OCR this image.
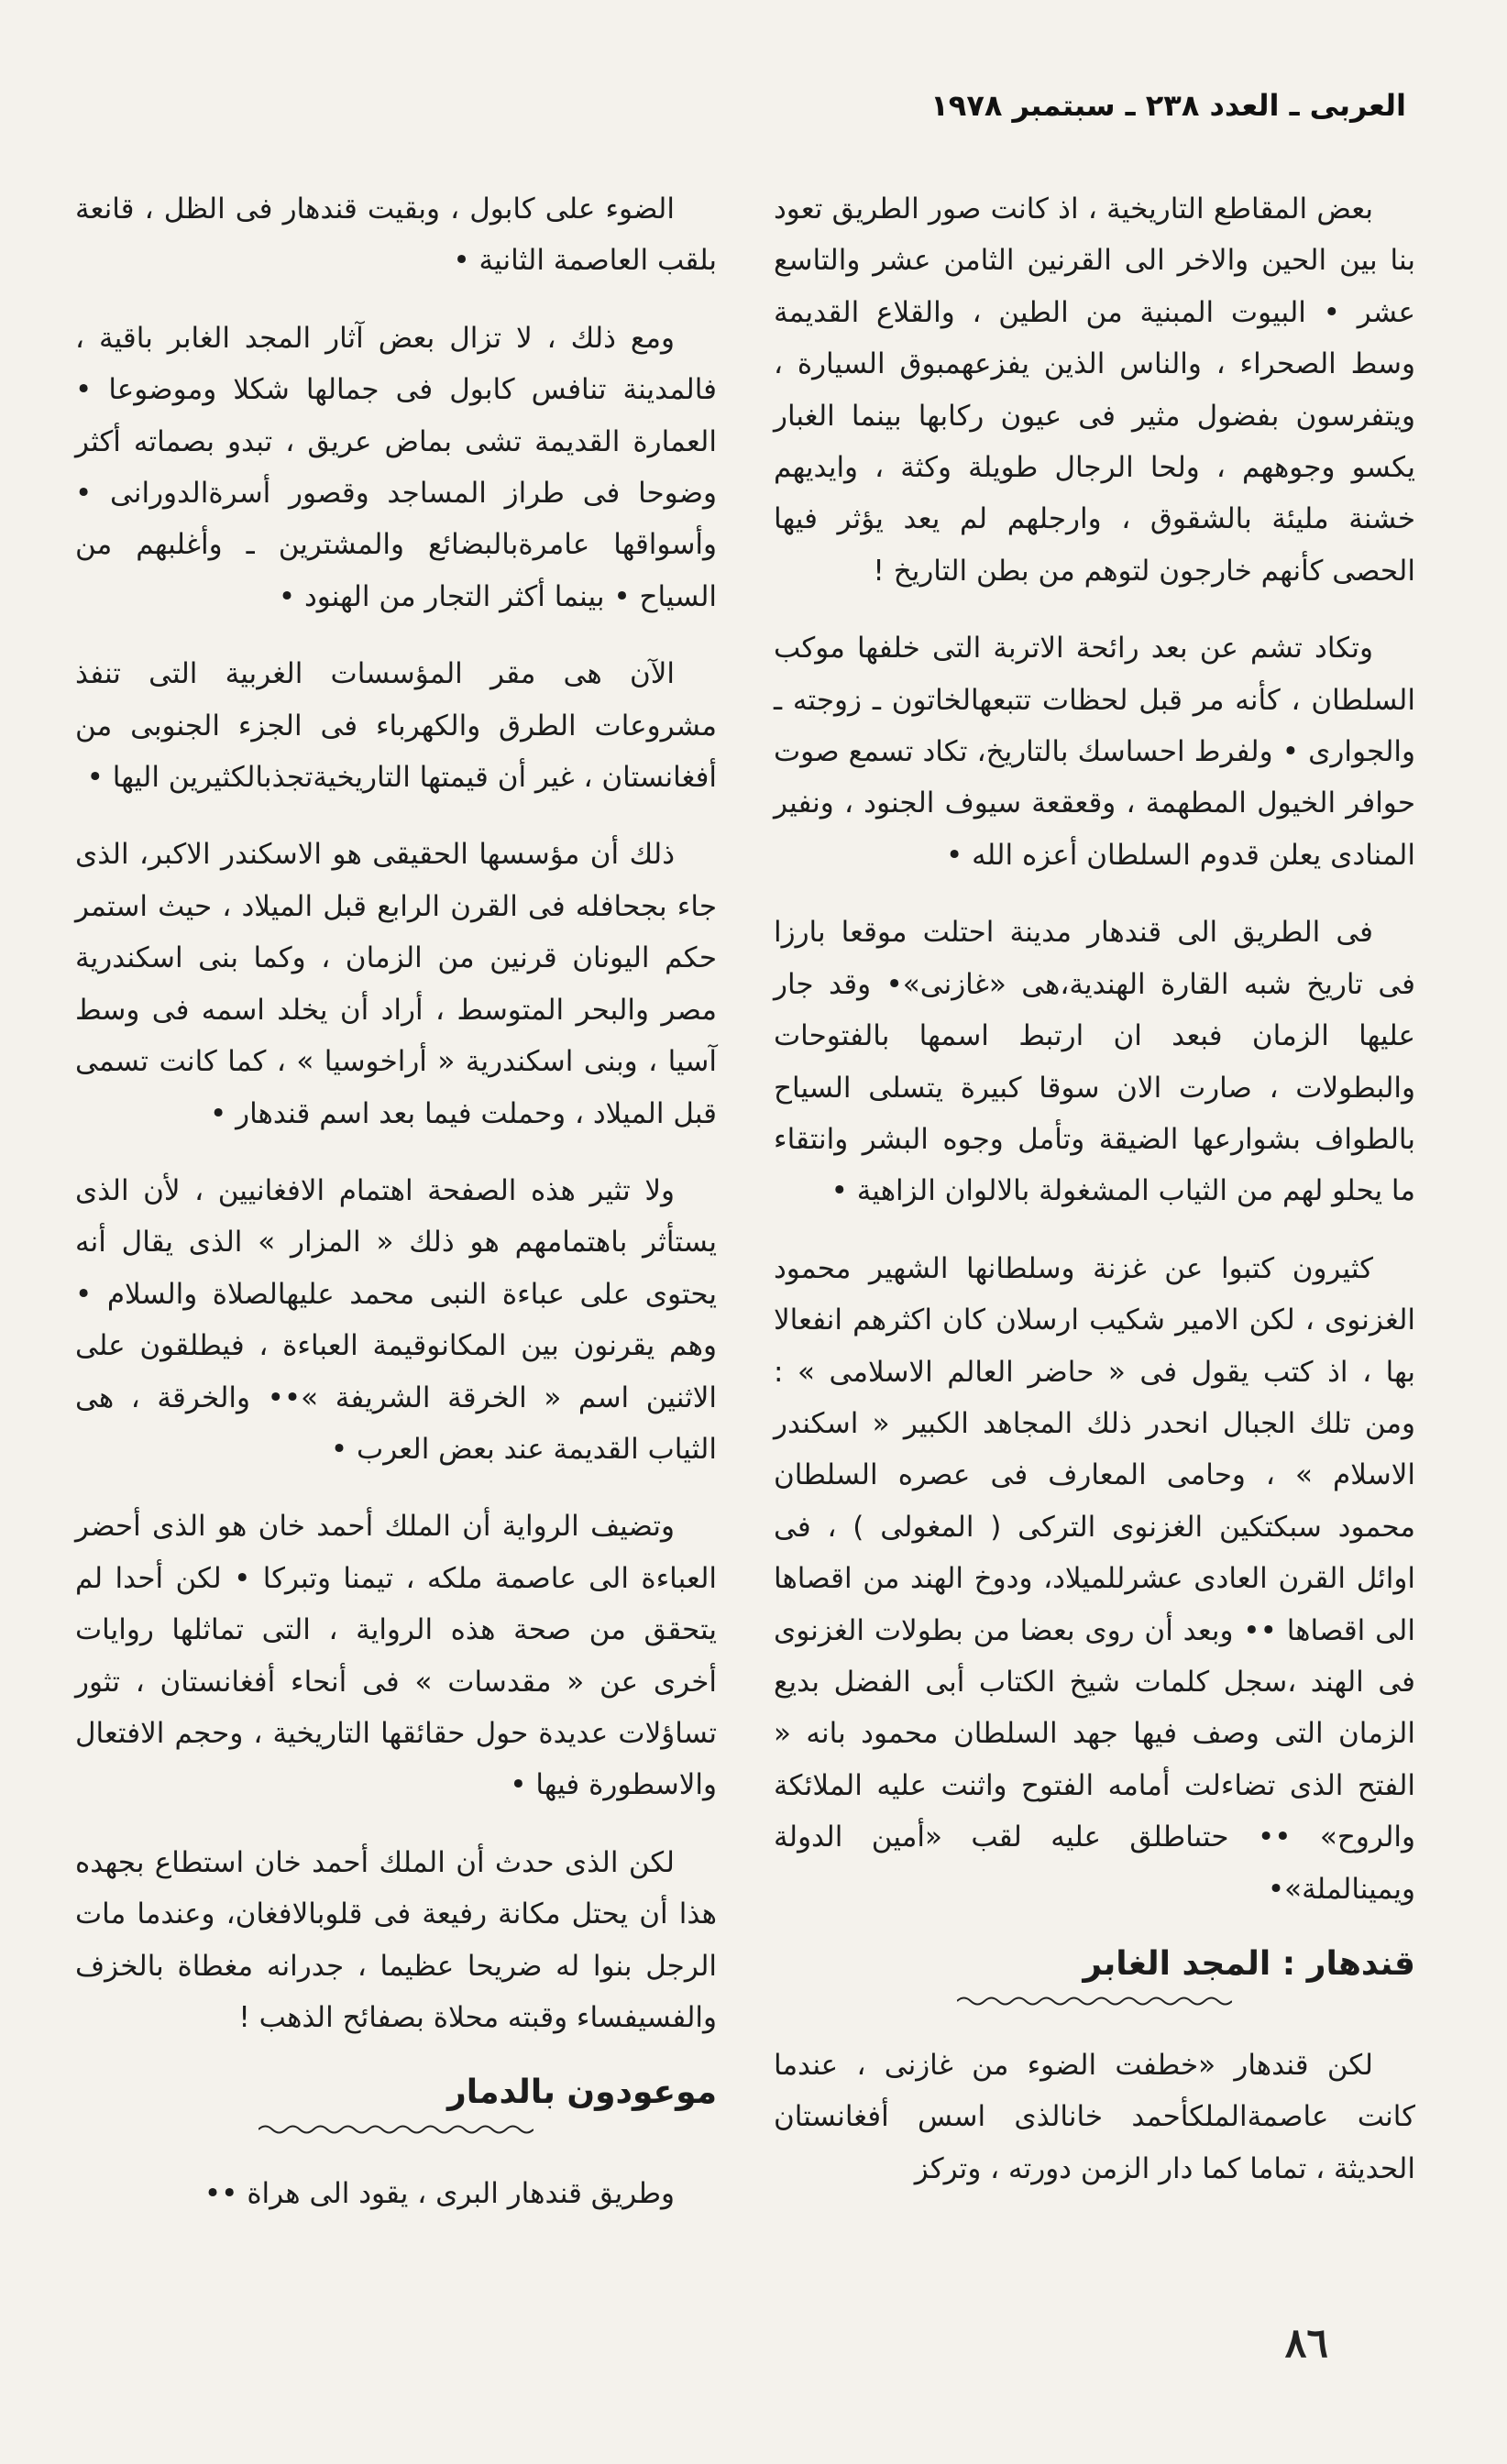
العربى ـ العدد ٢٣٨ ـ سبتمبر ١٩٧٨

بعض المقاطع التاريخية ، اذ كانت صور الطريق تعود بنا بين الحين والاخر الى القرنين الثامن عشر والتاسع عشر • البيوت المبنية من الطين ، والقلاع القديمة وسط الصحراء ، والناس الذين يفزعهمبوق السيارة ، ويتفرسون بفضول مثير فى عيون ركابها بينما الغبار يكسو وجوههم ، ولحا الرجال طويلة وكثة ، وايديهم خشنة مليئة بالشقوق ، وارجلهم لم يعد يؤثر فيها الحصى كأنهم خارجون لتوهم من بطن التاريخ !

وتكاد تشم عن بعد رائحة الاتربة التى خلفها موكب السلطان ، كأنه مر قبل لحظات تتبعهالخاتون ـ زوجته ـ والجوارى • ولفرط احساسك بالتاريخ، تكاد تسمع صوت حوافر الخيول المطهمة ، وقعقعة سيوف الجنود ، ونفير المنادى يعلن قدوم السلطان أعزه الله •

فى الطريق الى قندهار مدينة احتلت موقعا بارزا فى تاريخ شبه القارة الهندية،هى «غازنى»• وقد جار عليها الزمان فبعد ان ارتبط اسمها بالفتوحات والبطولات ، صارت الان سوقا كبيرة يتسلى السياح بالطواف بشوارعها الضيقة وتأمل وجوه البشر وانتقاء ما يحلو لهم من الثياب المشغولة بالالوان الزاهية •

كثيرون كتبوا عن غزنة وسلطانها الشهير محمود الغزنوى ، لكن الامير شكيب ارسلان كان اكثرهم انفعالا بها ، اذ كتب يقول فى « حاضر العالم الاسلامى » : ومن تلك الجبال انحدر ذلك المجاهد الكبير « اسكندر الاسلام » ، وحامى المعارف فى عصره السلطان محمود سبكتكين الغزنوى التركى ( المغولى ) ، فى اوائل القرن العادى عشرللميلاد، ودوخ الهند من اقصاها الى اقصاها •• وبعد أن روى بعضا من بطولات الغزنوى فى الهند ،سجل كلمات شيخ الكتاب أبى الفضل بديع الزمان التى وصف فيها جهد السلطان محمود بانه « الفتح الذى تضاءلت أمامه الفتوح واثنت عليه الملائكة والروح» •• حتىاطلق عليه لقب «أمين الدولة ويمينالملة»•

قندهار : المجد الغابر

لكن قندهار «خطفت الضوء من غازنى ، عندما كانت عاصمةالملكأحمد خانالذى اسس أفغانستان الحديثة ، تماما كما دار الزمن دورته ، وتركز

الضوء على كابول ، وبقيت قندهار فى الظل ، قانعة بلقب العاصمة الثانية •

ومع ذلك ، لا تزال بعض آثار المجد الغابر باقية ، فالمدينة تنافس كابول فى جمالها شكلا وموضوعا • العمارة القديمة تشى بماض عريق ، تبدو بصماته أكثر وضوحا فى طراز المساجد وقصور أسرةالدورانى • وأسواقها عامرةبالبضائع والمشترين ـ وأغلبهم من السياح • بينما أكثر التجار من الهنود •

الآن هى مقر المؤسسات الغربية التى تنفذ مشروعات الطرق والكهرباء فى الجزء الجنوبى من أفغانستان ، غير أن قيمتها التاريخيةتجذبالكثيرين اليها •

ذلك أن مؤسسها الحقيقى هو الاسكندر الاكبر، الذى جاء بجحافله فى القرن الرابع قبل الميلاد ، حيث استمر حكم اليونان قرنين من الزمان ، وكما بنى اسكندرية مصر والبحر المتوسط ، أراد أن يخلد اسمه فى وسط آسيا ، وبنى اسكندرية « أراخوسيا » ، كما كانت تسمى قبل الميلاد ، وحملت فيما بعد اسم قندهار •

ولا تثير هذه الصفحة اهتمام الافغانيين ، لأن الذى يستأثر باهتمامهم هو ذلك « المزار » الذى يقال أنه يحتوى على عباءة النبى محمد عليهالصلاة والسلام • وهم يقرنون بين المكانوقيمة العباءة ، فيطلقون على الاثنين اسم « الخرقة الشريفة »•• والخرقة ، هى الثياب القديمة عند بعض العرب •

وتضيف الرواية أن الملك أحمد خان هو الذى أحضر العباءة الى عاصمة ملكه ، تيمنا وتبركا • لكن أحدا لم يتحقق من صحة هذه الرواية ، التى تماثلها روايات أخرى عن « مقدسات » فى أنحاء أفغانستان ، تثور تساؤلات عديدة حول حقائقها التاريخية ، وحجم الافتعال والاسطورة فيها •

لكن الذى حدث أن الملك أحمد خان استطاع بجهده هذا أن يحتل مكانة رفيعة فى قلوبالافغان، وعندما مات الرجل بنوا له ضريحا عظيما ، جدرانه مغطاة بالخزف والفسيفساء وقبته محلاة بصفائح الذهب !

موعودون بالدمار

وطريق قندهار البرى ، يقود الى هراة ••

٨٦
